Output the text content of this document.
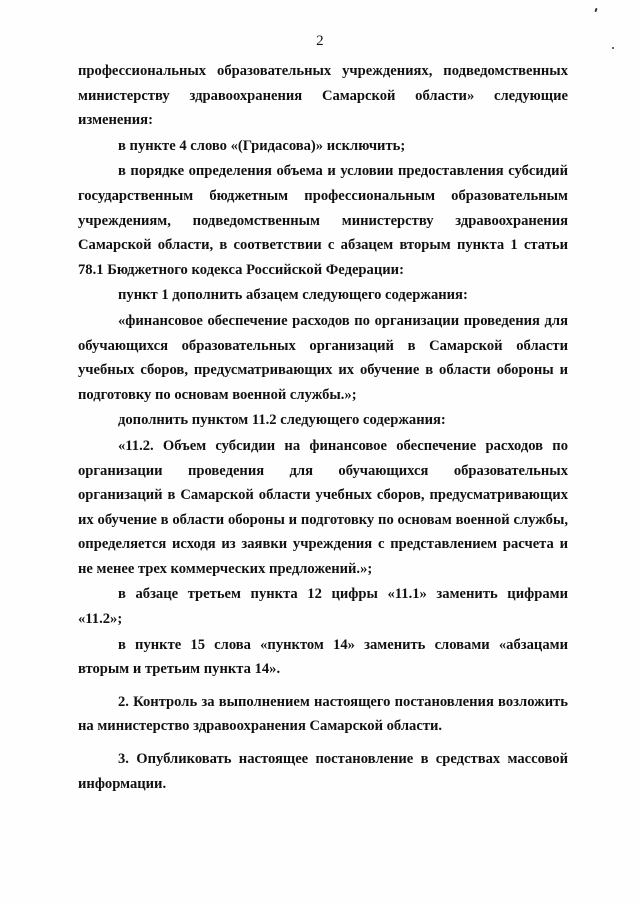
2

профессиональных образовательных учреждениях, подведомственных министерству здравоохранения Самарской области» следующие изменения:

в пункте 4 слово «(Гридасова)» исключить;

в порядке определения объема и условии предоставления субсидий государственным бюджетным профессиональным образовательным учреждениям, подведомственным министерству здравоохранения Самарской области, в соответствии с абзацем вторым пункта 1 статьи 78.1 Бюджетного кодекса Российской Федерации:

пункт 1 дополнить абзацем следующего содержания:

«финансовое обеспечение расходов по организации проведения для обучающихся образовательных организаций в Самарской области учебных сборов, предусматривающих их обучение в области обороны и подготовку по основам военной службы.»;

дополнить пунктом 11.2 следующего содержания:

«11.2. Объем субсидии на финансовое обеспечение расходов по организации проведения для обучающихся образовательных организаций в Самарской области учебных сборов, предусматривающих их обучение в области обороны и подготовку по основам военной службы, определяется исходя из заявки учреждения с представлением расчета и не менее трех коммерческих предложений.»;

в абзаце третьем пункта 12 цифры «11.1» заменить цифрами «11.2»;

в пункте 15 слова «пунктом 14» заменить словами «абзацами вторым и третьим пункта 14».

2. Контроль за выполнением настоящего постановления возложить на министерство здравоохранения Самарской области.

3. Опубликовать настоящее постановление в средствах массовой информации.
